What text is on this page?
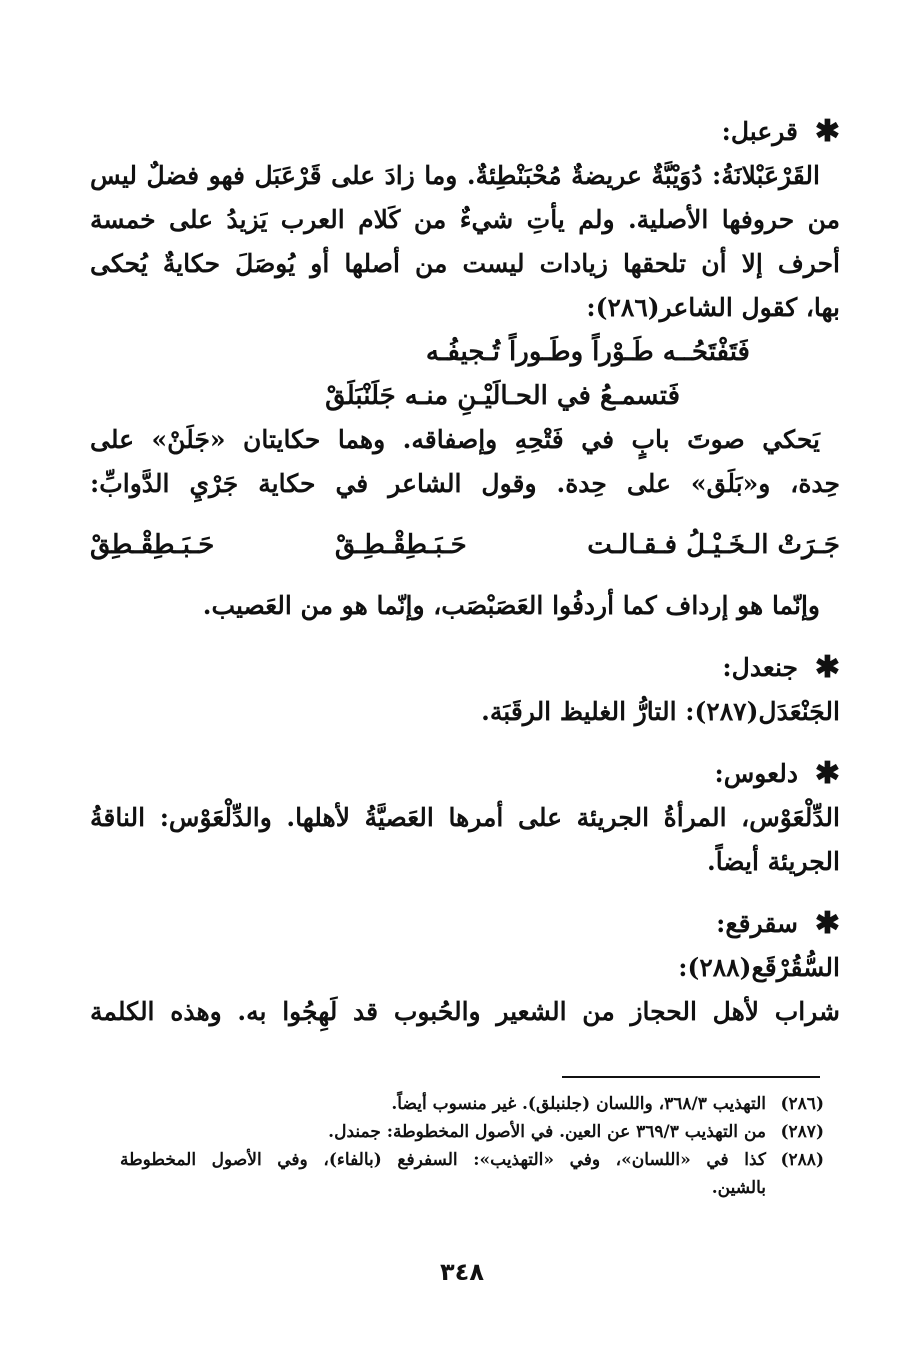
✱
قرعبل:
القَرْعَبْلانَةُ: دُوَيْبَّةٌ عريضةٌ مُحْبَنْطِئةٌ. وما زادَ على قَرْعَبَل فهو فضلٌ ليس
من حروفها الأصلية. ولم يأتِ شيءٌ من كَلام العرب يَزيدُ على خمسة
أحرف إلا أن تلحقها زيادات ليست من أصلها أو يُوصَلَ حكايةٌ يُحكى
بها، كقول الشاعر(٢٨٦):
فَتَفْتَحُــه طَـوْراً وطَـوراً تُـجيفُـه
فَتسمـعُ في الحـالَيْـنِ منـه جَلَنْبَلَقْ
يَحكي صوتَ بابٍ في فَتْحِهِ وإصفاقه. وهما حكايتان «جَلَنْ» على
حِدة، و«بَلَق» على حِدة. وقول الشاعر في حكاية جَرْيِ الدَّوابِّ:
جَـرَتْ الـخَـيْـلُ فـقـالـت
حَـبَـطِقْـطِـقْ
حَـبَـطِقْـطِقْ
وإنّما هو إرداف كما أردفُوا العَصَبْصَب، وإنّما هو من العَصيب.
✱
جنعدل:
الجَنْعَدَل(٢٨٧): التارُّ الغليظ الرقَبَة.
✱
دلعوس:
الدِّلْعَوْس، المرأةُ الجريئة على أمرها العَصيَّةُ لأهلها. والدِّلْعَوْس: الناقةُ
الجريئة أيضاً.
✱
سقرقع:
السُّقُرْقَع(٢٨٨):
شراب لأهل الحجاز من الشعير والحُبوب قد لَهِجُوا به. وهذه الكلمة
(٢٨٦)
التهذيب ٣٦٨/٣، واللسان (جلنبلق). غير منسوب أيضاً.
(٢٨٧)
من التهذيب ٣٦٩/٣ عن العين. في الأصول المخطوطة: جمندل.
(٢٨٨)
كذا في «اللسان»، وفي «التهذيب»: السفرفع (بالفاء)، وفي الأصول المخطوطة
بالشين.
٣٤٨
